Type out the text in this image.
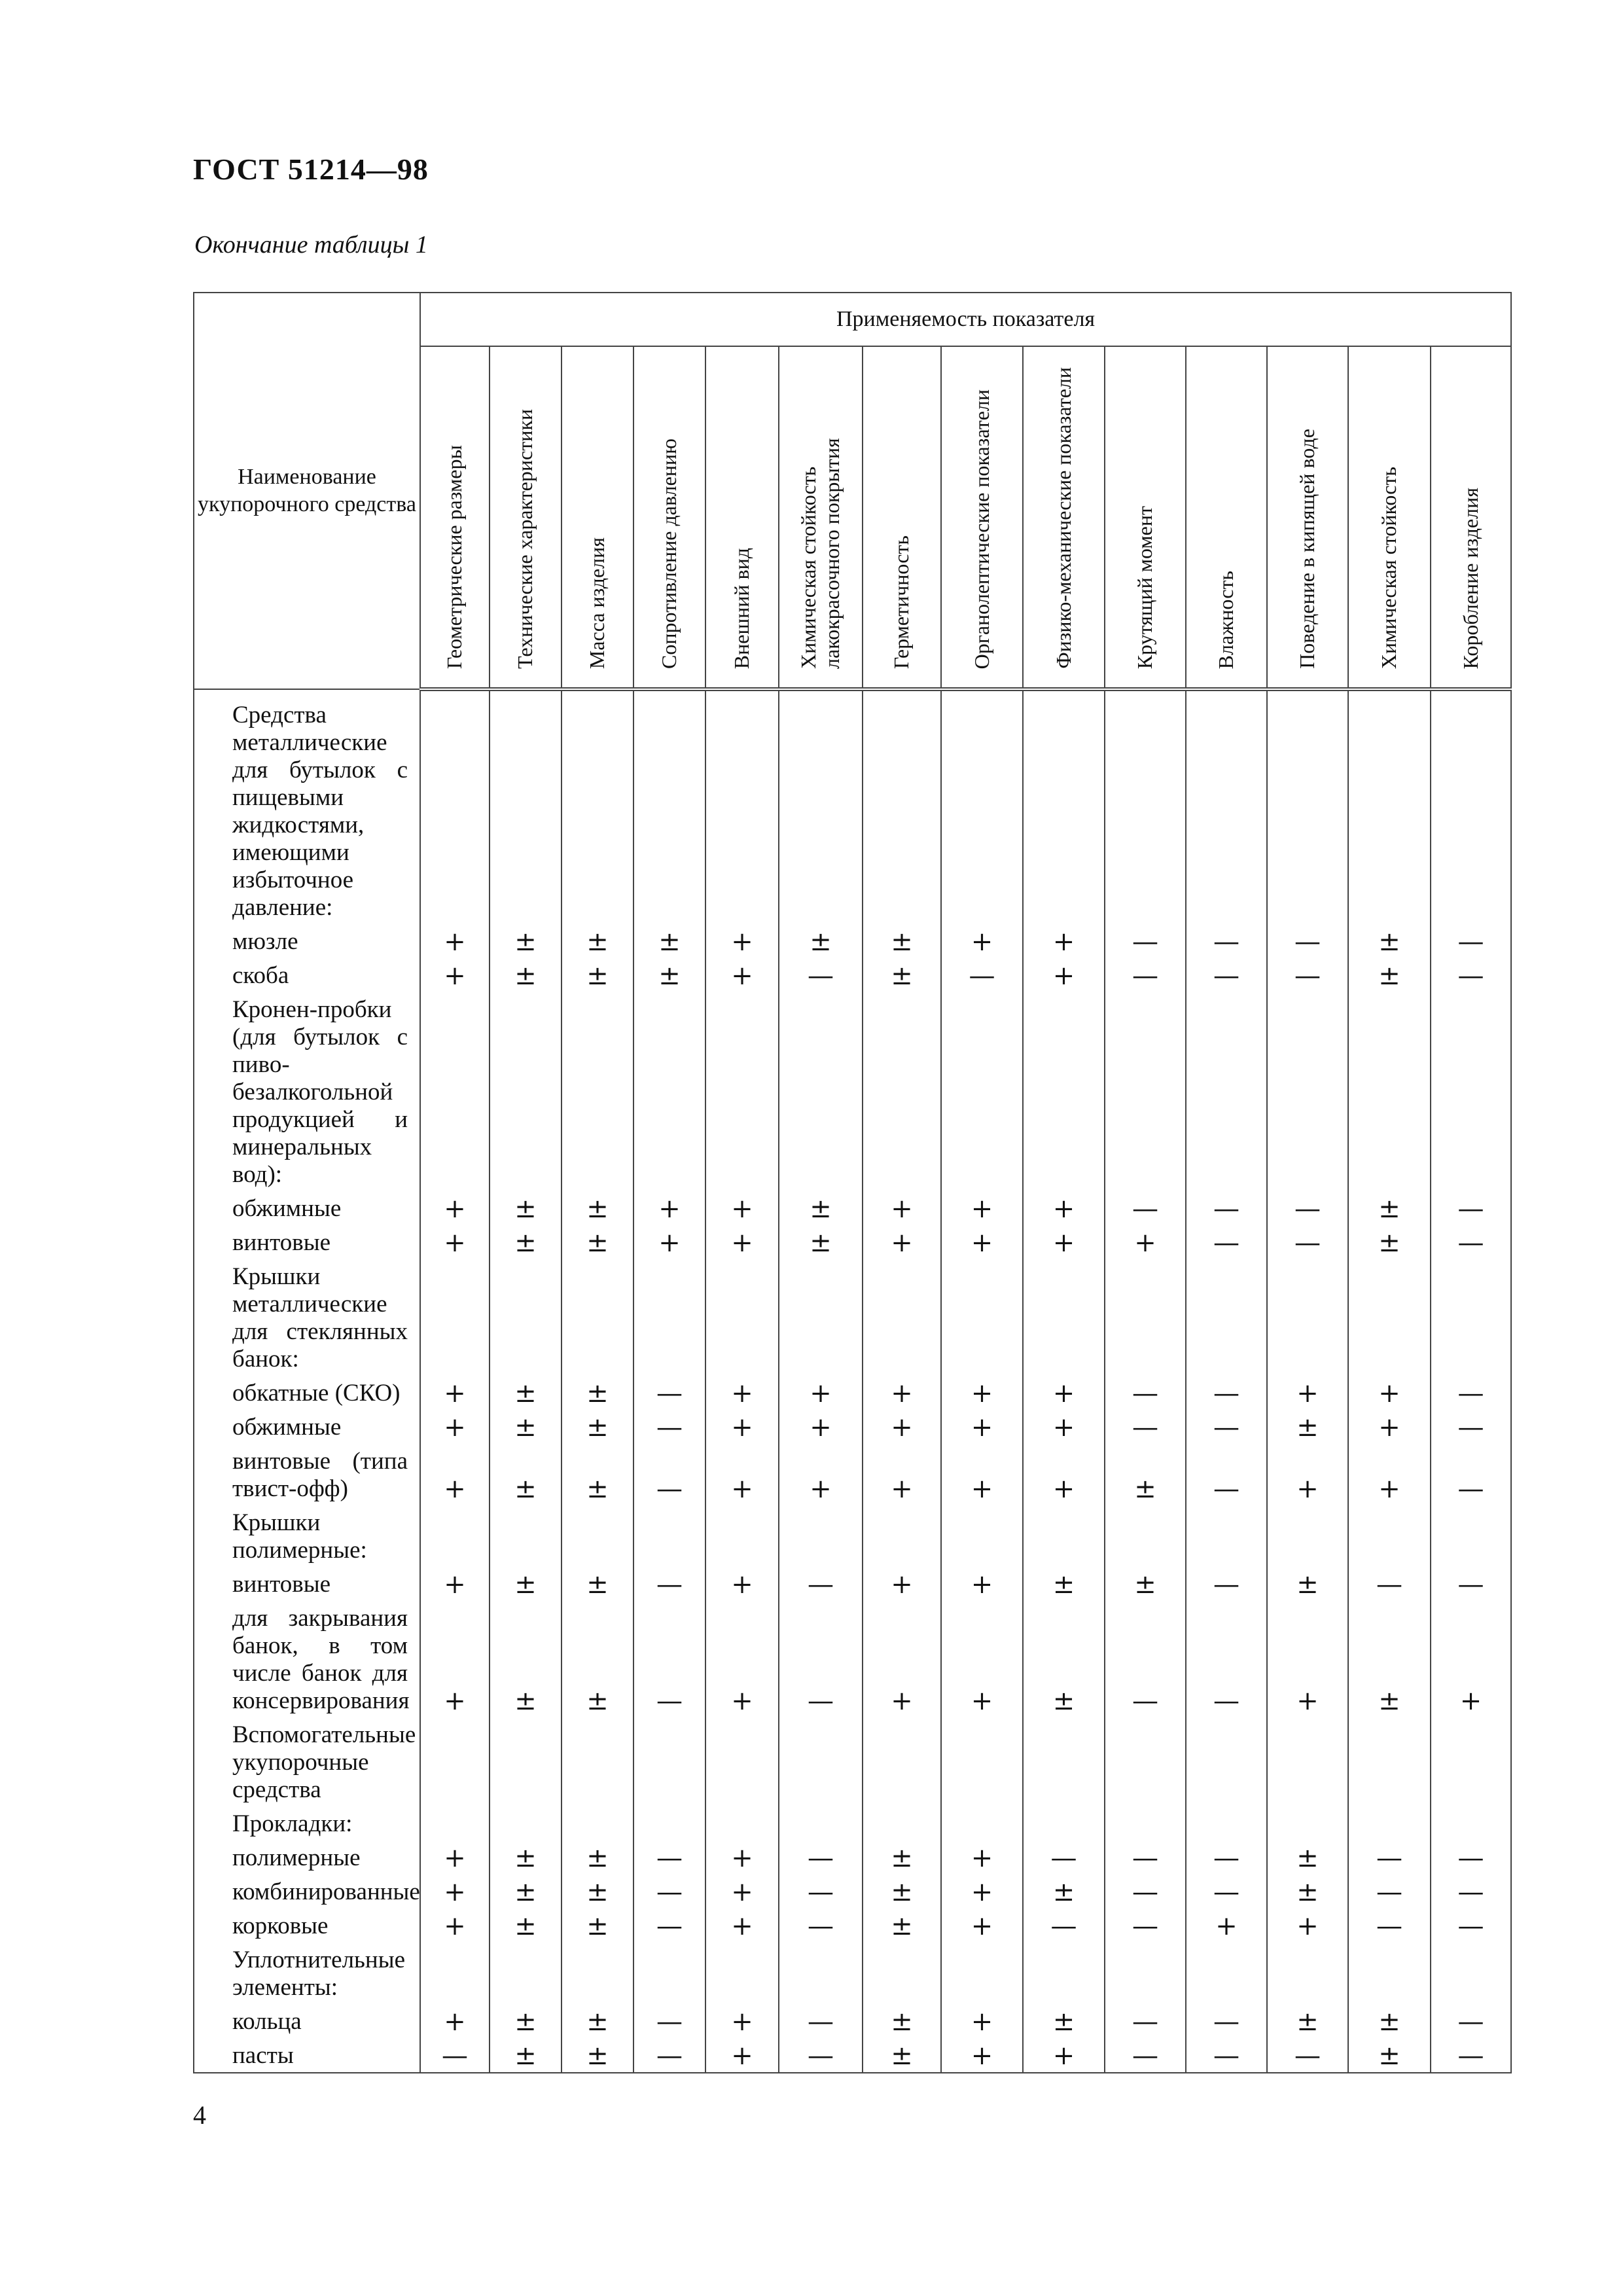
ГОСТ 51214—98
Окончание таблицы 1
Наименование укупорочного средства	Применяемость показателя													

	Геометрические размеры	Технические характеристики	Масса изделия	Сопротивление давлению	Внешний вид	Химическая стойкость лакокрасочного покрытия	Герметичность	Органолептические показатели	Физико-механические показатели	Крутящий момент	Влажность	Поведение в кипящей воде	Химическая стойкость	Коробление изделия

Средства металлические для бутылок с пищевыми жидкостями, имеющими избыточное давление:														
мюзле	+	±	±	±	+	±	±	+	+	—	—	—	±	—
скоба	+	±	±	±	+	—	±	—	+	—	—	—	±	—
Кронен-пробки (для бутылок с пиво-безалкогольной продукцией и минеральных вод):														
обжимные	+	±	±	+	+	±	+	+	+	—	—	—	±	—
винтовые	+	±	±	+	+	±	+	+	+	+	—	—	±	—
Крышки металлические для стеклянных банок:														
обкатные (СКО)	+	±	±	—	+	+	+	+	+	—	—	+	+	—
обжимные	+	±	±	—	+	+	+	+	+	—	—	±	+	—
винтовые (типа твист-офф)	+	±	±	—	+	+	+	+	+	±	—	+	+	—
Крышки полимерные:														
винтовые	+	±	±	—	+	—	+	+	±	±	—	±	—	—
для закрывания банок, в том числе банок для консервирования	+	±	±	—	+	—	+	+	±	—	—	+	±	+
Вспомогательные укупорочные средства														
Прокладки:														
полимерные	+	±	±	—	+	—	±	+	—	—	—	±	—	—
комбинированные	+	±	±	—	+	—	±	+	±	—	—	±	—	—
корковые	+	±	±	—	+	—	±	+	—	—	+	+	—	—
Уплотнительные элементы:														
кольца	+	±	±	—	+	—	±	+	±	—	—	±	±	—
пасты	—	±	±	—	+	—	±	+	+	—	—	—	±	—
4
